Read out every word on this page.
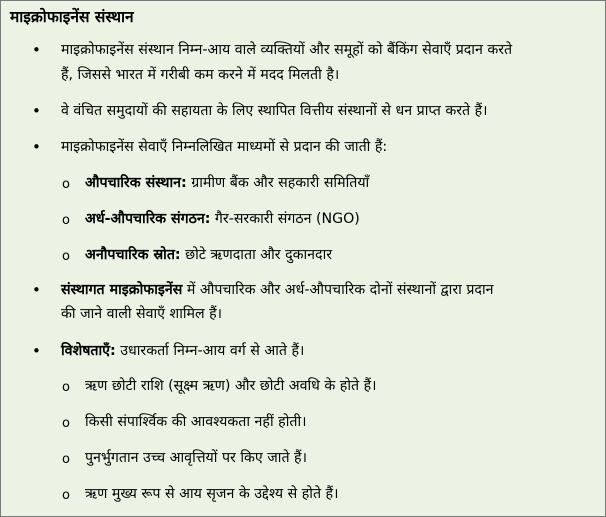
माइक्रोफाइनेंस संस्थान
• माइक्रोफाइनेंस संस्थान निम्न-आय वाले व्यक्तियों और समूहों को बैंकिंग सेवाएँ प्रदान करते
हैं, जिससे भारत में गरीबी कम करने में मदद मिलती है।
• वे वंचित समुदायों की सहायता के लिए स्थापित वित्तीय संस्थानों से धन प्राप्त करते हैं।
• माइक्रोफाइनेंस सेवाएँ निम्नलिखित माध्यमों से प्रदान की जाती हैं:
o औपचारिक संस्थान: ग्रामीण बैंक और सहकारी समितियाँ
o अर्ध-औपचारिक संगठन: गैर-सरकारी संगठन (NGO)
o अनौपचारिक स्रोत: छोटे ऋणदाता और दुकानदार
• संस्थागत माइक्रोफाइनेंस में औपचारिक और अर्ध-औपचारिक दोनों संस्थानों द्वारा प्रदान
की जाने वाली सेवाएँ शामिल हैं।
• विशेषताएँ: उधारकर्ता निम्न-आय वर्ग से आते हैं।
o ऋण छोटी राशि (सूक्ष्म ऋण) और छोटी अवधि के होते हैं।
o किसी संपार्श्विक की आवश्यकता नहीं होती।
o पुनर्भुगतान उच्च आवृत्तियों पर किए जाते हैं।
o ऋण मुख्य रूप से आय सृजन के उद्देश्य से होते हैं।
